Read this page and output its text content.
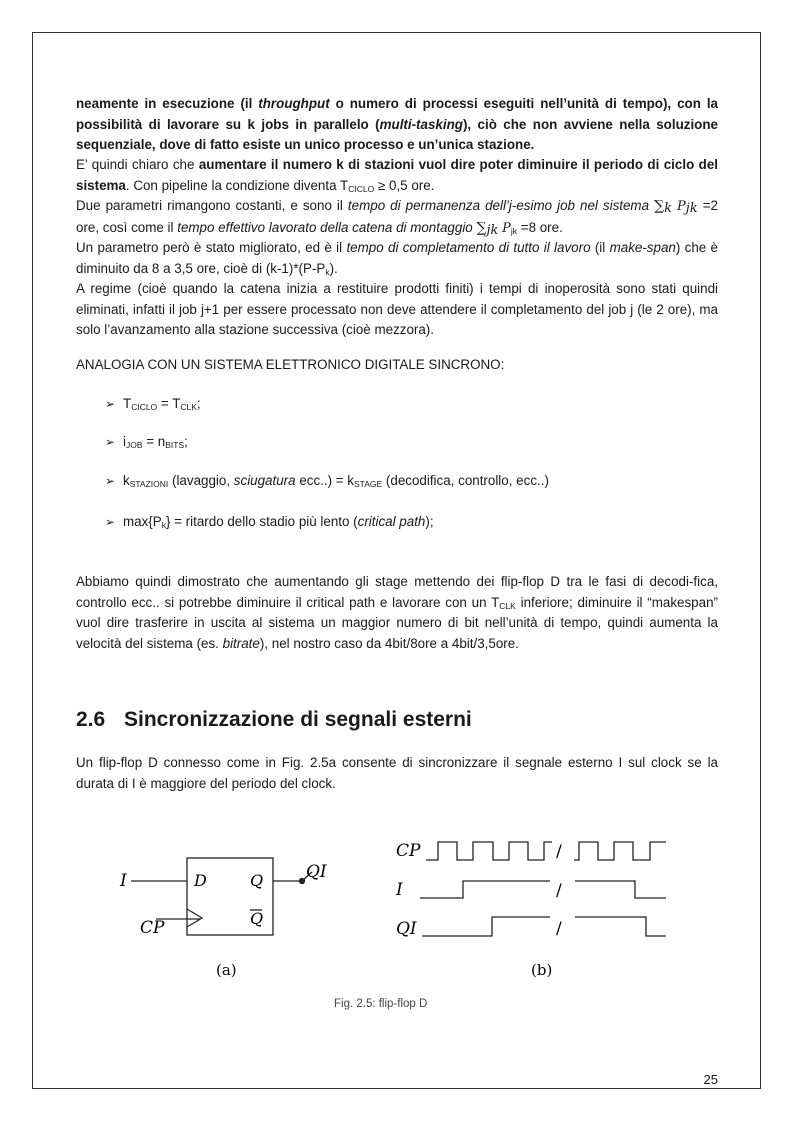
neamente in esecuzione (il throughput o numero di processi eseguiti nell’unità di tempo), con la possibilità di lavorare su k jobs in parallelo (multi-tasking), ciò che non avviene nella soluzione sequenziale, dove di fatto esiste un unico processo e un’unica stazione.

E’ quindi chiaro che aumentare il numero k di stazioni vuol dire poter diminuire il periodo di ciclo del sistema. Con pipeline la condizione diventa $T_{CICLO} \ge 0,5$ ore.

Due parametri rimangono costanti, e sono il tempo di permanenza dell’j-esimo job nel sistema $\sum_k$ $P_{jk} =2$ ore, così come il tempo effettivo lavorato della catena di montaggio $\sum_{jk}$ $P_{jk} =8$ ore.

Un parametro però è stato migliorato, ed è il tempo di completamento di tutto il lavoro (il make-span) che è diminuito da 8 a 3,5 ore, cioè di $(k-1)*(P-P_k)$.

A regime (cioè quando la catena inizia a restituire prodotti finiti) i tempi di inoperosità sono stati quindi eliminati, infatti il job j+1 per essere processato non deve attendere il completamento del job j (le 2 ore), ma solo l’avanzamento alla stazione successiva (cioè mezzora).

ANALOGIA CON UN SISTEMA ELETTRONICO DIGITALE SINCRONO:

➢ $T_{CICLO} = T_{CLK}$;
➢ $i_{JOB} = n_{BITS}$;
➢ $k_{STAZIONI}$ (lavaggio, sciugatura $ecc..) = k_{STAGE}$ (decodifica, controllo, ecc..)
➢ $\max\{P_k\}$ = ritardo dello stadio più lento (critical path);

Abbiamo quindi dimostrato che aumentando gli stage mettendo dei flip-flop D tra le fasi di decodi-fica, controllo ecc.. si potrebbe diminuire il critical path e lavorare con un $T_{CLK}$ inferiore; diminuire il “makespan” vuol dire trasferire in uscita al sistema un maggior numero di bit nell’unità di tempo, quindi aumenta la velocità del sistema (es. bitrate), nel nostro caso da 4bit/8ore a 4bit/3,5ore.

2.6 Sincronizzazione di segnali esterni

Un flip-flop D connesso come in Fig. 2.5a consente di sincronizzare il segnale esterno I sul clock se la durata di I è maggiore del periodo del clock.

I
CP
D	Q
Q
QI
(a)
CP
I
QI
/
/
/
(b)
Fig. 2.5: flip-flop D
25
